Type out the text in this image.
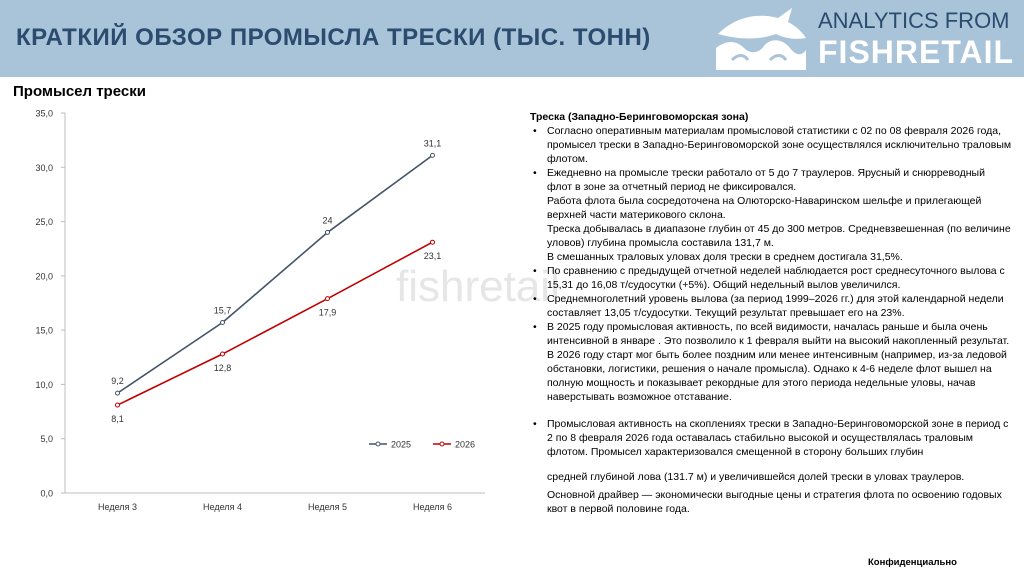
КРАТКИЙ ОБЗОР ПРОМЫСЛА ТРЕСКИ (ТЫС. ТОНН)
ANALYTICS FROM
FISHRETAIL
Промысел трески
0,0
5,0
10,0
15,0
20,0
25,0
30,0
35,0
Неделя 3	Неделя 4	Неделя 5	Неделя 6
9,2
15,7
24
31,1
8,1
12,8
17,9
23,1
2025	2026
fishretail
Треска (Западно-Беринговоморская зона)
• Согласно оперативным материалам промысловой статистики с 02 по 08 февраля 2026 года, промысел трески в Западно-Беринговоморской зоне осуществлялся исключительно траловым флотом.
• Ежедневно на промысле трески работало от 5 до 7 траулеров. Ярусный и снюрреводный флот в зоне за отчетный период не фиксировался.

Работа флота была сосредоточена на Олюторско-Наваринском шельфе и прилегающей верхней части материкового склона.

Треска добывалась в диапазоне глубин от 45 до 300 метров. Средневзвешенная (по величине уловов) глубина промысла составила 131,7 м.

В смешанных траловых уловах доля трески в среднем достигала 31,5%.

• По сравнению с предыдущей отчетной неделей наблюдается рост среднесуточного вылова с 15,31 до 16,08 т/судосутки (+5%). Общий недельный вылов увеличился.
• Среднемноголетний уровень вылова (за период 1999–2026 гг.) для этой календарной недели составляет 13,05 т/судосутки. Текущий результат превышает его на 23%.
• В 2025 году промысловая активность, по всей видимости, началась раньше и была очень интенсивной в январе . Это позволило к 1 февраля выйти на высокий накопленный результат. В 2026 году старт мог быть более поздним или менее интенсивным (например, из-за ледовой обстановки, логистики, решения о начале промысла). Однако к 4-6 неделе флот вышел на полную мощность и показывает рекордные для этого периода недельные уловы, начав наверстывать возможное отставание.
• Промысловая активность на скоплениях трески в Западно-Беринговоморской зоне в период с 2 по 8 февраля 2026 года оставалась стабильно высокой и осуществлялась траловым флотом. Промысел характеризовался смещенной в сторону больших глубин

средней глубиной лова (131.7 м) и увеличившейся долей трески в уловах траулеров.

Основной драйвер — экономически выгодные цены и стратегия флота по освоению годовых квот в первой половине года.

Конфиденциально
